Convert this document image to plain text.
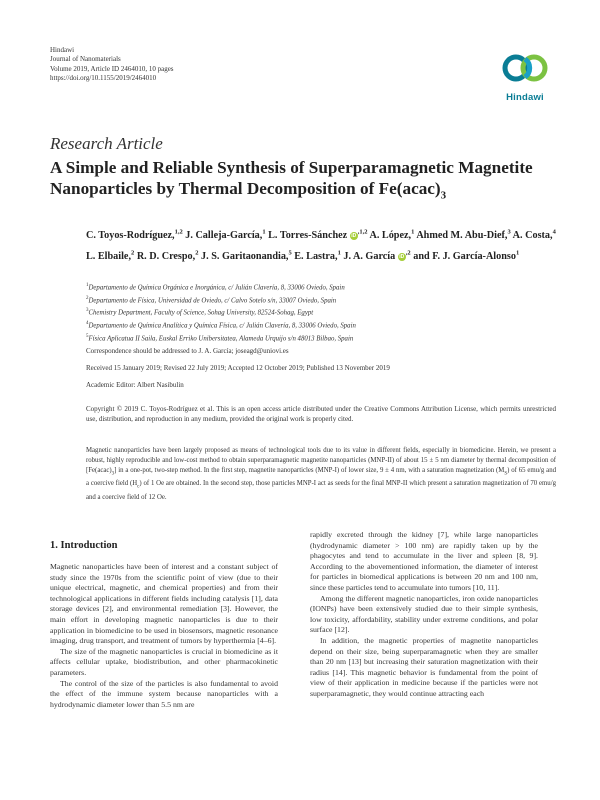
Hindawi
Journal of Nanomaterials
Volume 2019, Article ID 2464010, 10 pages
https://doi.org/10.1155/2019/2464010
Hindawi
Research Article
A Simple and Reliable Synthesis of Superparamagnetic Magnetite Nanoparticles by Thermal Decomposition of $Fe(acac)_3$
C. Toyos-Rodríguez,$^{1,2}$ J. Calleja-García,$^1$ L. Torres-Sánchez $iD^{,1,2}$ A. López,$^1$ Ahmed M. Abu-Dief,$^3$ A. Costa,$^4$ L. Elbaile,$^2$ R. D. Crespo,$^2$ J. S. Garitaonandia,$^5$ E. Lastra,$^1$ J. A. García $iD^{,2}$ and F. J. García-Alonso$^1$
$^1$Departamento de Química Orgánica e Inorgánica, c/ Julián Clavería, 8, 33006 Oviedo, Spain
$^2$Departamento de Física, Universidad de Oviedo, c/ Calvo Sotelo s/n, 33007 Oviedo, Spain
$^3$Chemistry Department, Faculty of Science, Sohag University, 82524-Sohag, Egypt
$^4$Departamento de Química Analítica y Química Física, c/ Julián Clavería, 8, 33006 Oviedo, Spain
$^5$Física Aplicatua II Saila, Euskal Erriko Unibersitatea, Alameda Urquijo s/n 48013 Bilbao, Spain
Correspondence should be addressed to J. A. García; joseagd@uniovi.es
Received 15 January 2019; Revised 22 July 2019; Accepted 12 October 2019; Published 13 November 2019
Academic Editor: Albert Nasibulin
Copyright © 2019 C. Toyos-Rodríguez et al. This is an open access article distributed under the Creative Commons Attribution License, which permits unrestricted use, distribution, and reproduction in any medium, provided the original work is properly cited.
Magnetic nanoparticles have been largely proposed as means of technological tools due to its value in different fields, especially in biomedicine. Herein, we present a robust, highly reproducible and low-cost method to obtain superparamagnetic magnetite nanoparticles (MNP-II) of about 15 ± 5 nm diameter by thermal decomposition of $[Fe(acac)_3]$ in a one-pot, two-step method. In the first step, magnetite nanoparticles (MNP-I) of lower size, 9 ± 4 nm, with a saturation magnetization $(M_S)$ of 65 emu/g and a coercive field $(H_c)$ of 1 Oe are obtained. In the second step, those particles MNP-I act as seeds for the final MNP-II which present a saturation magnetization of 70 emu/g and a coercive field of 12 Oe.
1. Introduction

Magnetic nanoparticles have been of interest and a constant subject of study since the 1970s from the scientific point of view (due to their unique electrical, magnetic, and chemical properties) and from their technological applications in different fields including catalysis [1], data storage devices [2], and environmental remediation [3]. However, the main effort in developing magnetic nanoparticles is due to their application in biomedicine to be used in biosensors, magnetic resonance imaging, drug transport, and treatment of tumors by hyperthermia [4–6].

The size of the magnetic nanoparticles is crucial in biomedicine as it affects cellular uptake, biodistribution, and other pharmacokinetic parameters.

The control of the size of the particles is also fundamental to avoid the effect of the immune system because nanoparticles with a hydrodynamic diameter lower than 5.5 nm are

rapidly excreted through the kidney [7], while large nanoparticles (hydrodynamic diameter > 100 nm) are rapidly taken up by the phagocytes and tend to accumulate in the liver and spleen [8, 9]. According to the abovementioned information, the diameter of interest for particles in biomedical applications is between 20 nm and 100 nm, since these particles tend to accumulate into tumors [10, 11].

Among the different magnetic nanoparticles, iron oxide nanoparticles (IONPs) have been extensively studied due to their simple synthesis, low toxicity, affordability, stability under extreme conditions, and polar surface [12].

In addition, the magnetic properties of magnetite nanoparticles depend on their size, being superparamagnetic when they are smaller than 20 nm [13] but increasing their saturation magnetization with their radius [14]. This magnetic behavior is fundamental from the point of view of their application in medicine because if the particles were not superparamagnetic, they would continue attracting each
